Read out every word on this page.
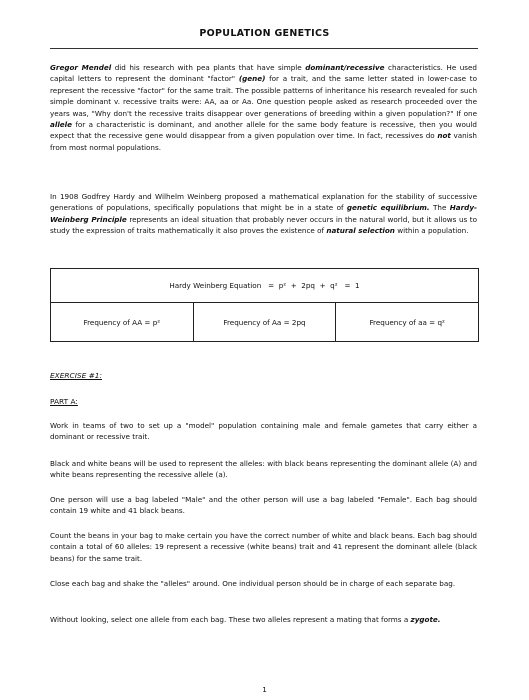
POPULATION GENETICS

Gregor Mendel did his research with pea plants that have simple dominant/recessive characteristics. He used capital letters to represent the dominant "factor" (gene) for a trait, and the same letter stated in lower-case to represent the recessive "factor" for the same trait. The possible patterns of inheritance his research revealed for such simple dominant v. recessive traits were: AA, aa or Aa. One question people asked as research proceeded over the years was, "Why don't the recessive traits disappear over generations of breeding within a given population?" If one allele for a characteristic is dominant, and another allele for the same body feature is recessive, then you would expect that the recessive gene would disappear from a given population over time. In fact, recessives do not vanish from most normal populations.

In 1908 Godfrey Hardy and Wilhelm Weinberg proposed a mathematical explanation for the stability of successive generations of populations, specifically populations that might be in a state of genetic equilibrium. The Hardy-Weinberg Principle represents an ideal situation that probably never occurs in the natural world, but it allows us to study the expression of traits mathematically it also proves the existence of natural selection within a population.

Hardy Weinberg Equation   =  p²  +  2pq  +  q²   =  1
Frequency of AA = p²	Frequency of Aa = 2pq	Frequency of aa = q²
EXERCISE #1:
PART A:

Work in teams of two to set up a "model" population containing male and female gametes that carry either a dominant or recessive trait.

Black and white beans will be used to represent the alleles: with black beans representing the dominant allele (A) and white beans representing the recessive allele (a).

One person will use a bag labeled "Male" and the other person will use a bag labeled "Female". Each bag should contain 19 white and 41 black beans.

Count the beans in your bag to make certain you have the correct number of white and black beans. Each bag should contain a total of 60 alleles: 19 represent a recessive (white beans) trait and 41 represent the dominant allele (black beans) for the same trait.

Close each bag and shake the "alleles" around. One individual person should be in charge of each separate bag.

Without looking, select one allele from each bag. These two alleles represent a mating that forms a zygote.

1
